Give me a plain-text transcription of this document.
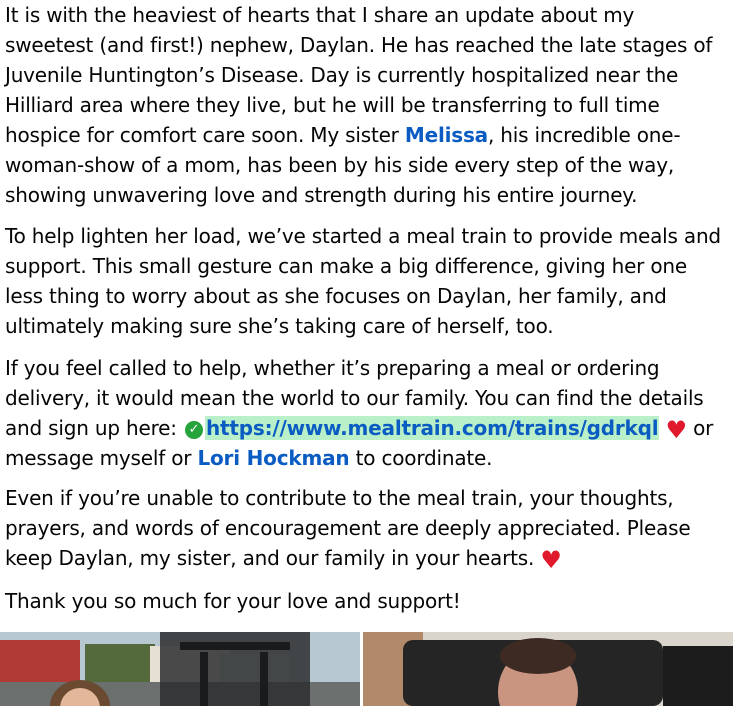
It is with the heaviest of hearts that I share an update about my sweetest (and first!) nephew, Daylan. He has reached the late stages of Juvenile Huntington’s Disease. Day is currently hospitalized near the Hilliard area where they live, but he will be transferring to full time hospice for comfort care soon. My sister Melissa, his incredible one-woman-show of a mom, has been by his side every step of the way, showing unwavering love and strength during his entire journey.

To help lighten her load, we’ve started a meal train to provide meals and support. This small gesture can make a big difference, giving her one less thing to worry about as she focuses on Daylan, her family, and ultimately making sure she’s taking care of herself, too.

If you feel called to help, whether it’s preparing a meal or ordering delivery, it would mean the world to our family. You can find the details and sign up here: ✓ https://www.mealtrain.com/trains/gdrkql ♥ or message myself or Lori Hockman to coordinate.

Even if you’re unable to contribute to the meal train, your thoughts, prayers, and words of encouragement are deeply appreciated. Please keep Daylan, my sister, and our family in your hearts. ♥

Thank you so much for your love and support!
